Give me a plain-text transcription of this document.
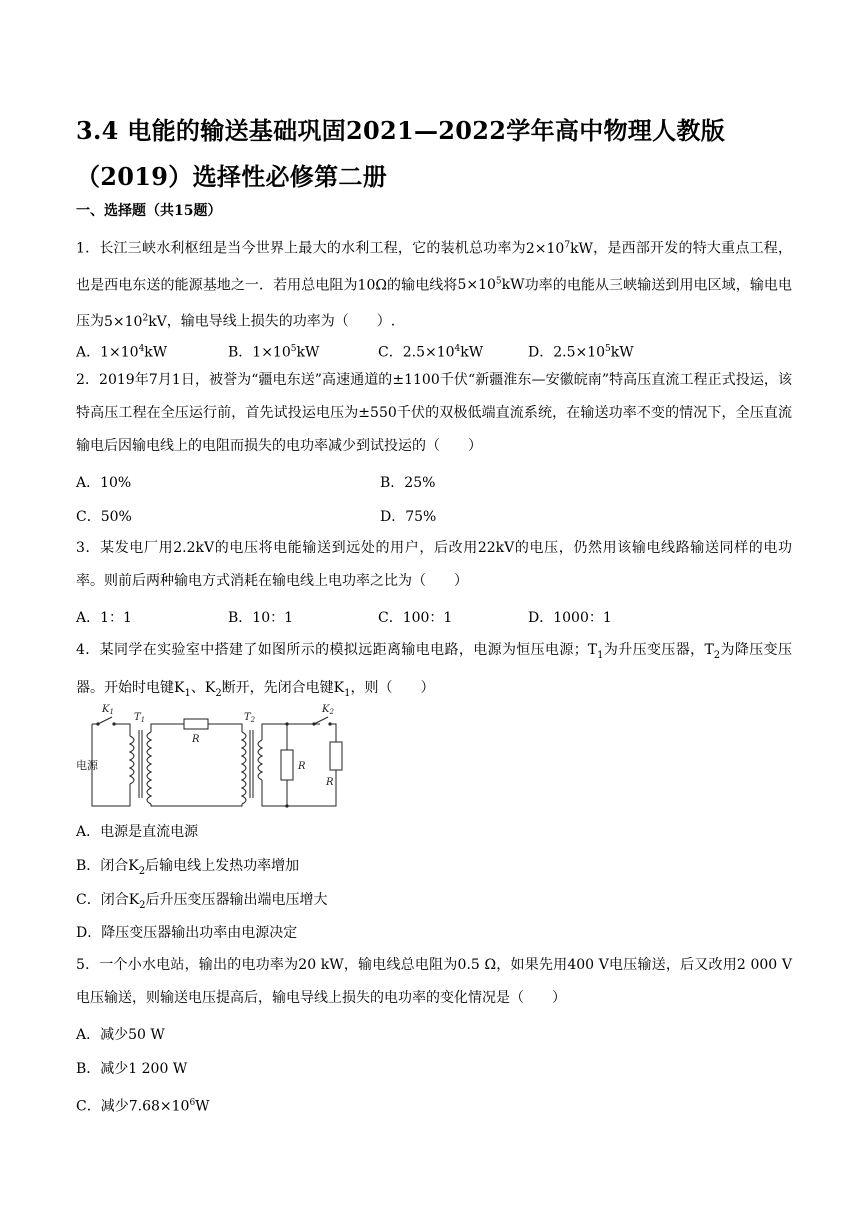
3.4 电能的输送基础巩固2021—2022学年高中物理人教版（2019）选择性必修第二册
一、选择题（共15题）
1．长江三峡水利枢纽是当今世界上最大的水利工程，它的装机总功率为$2\times 10^7kW$，是西部开发的特大重点工程，也是西电东送的能源基地之一．若用总电阻为10Ω的输电线将$5\times 10^5kW$功率的电能从三峡输送到用电区域，输电电压为$5\times 10^2kV$，输电导线上损失的功率为（　　）.
A．$1\times 10^4kW$	B．$1\times 10^5kW$	C．$2.5\times 10^4kW$	D．$2.5\times 10^5kW$
2．2019年7月1日，被誉为“疆电东送”高速通道的±1100千伏“新疆淮东—安徽皖南”特高压直流工程正式投运，该特高压工程在全压运行前，首先试投运电压为±550千伏的双极低端直流系统，在输送功率不变的情况下，全压直流输电后因输电线上的电阻而损失的电功率减少到试投运的（　　）
A．10%	B．25%
C．50%	D．75%
3．某发电厂用2.2kV的电压将电能输送到远处的用户，后改用22kV的电压，仍然用该输电线路输送同样的电功率。则前后两种输电方式消耗在输电线上电功率之比为（　　）
A．1：1	B．10：1	C．100：1	D．1000：1
4．某同学在实验室中搭建了如图所示的模拟远距离输电电路，电源为恒压电源；$T_1$为升压变压器，$T_2$为降压变压器。开始时电键$K_1$、$K_2$断开，先闭合电键$K_1$，则（　　）
$K_1$ $T_1$
R
$T_2$
$K_2$
R
R
电源
A．电源是直流电源
B．闭合$K_2$后输电线上发热功率增加
C．闭合$K_2$后升压变压器输出端电压增大
D．降压变压器输出功率由电源决定
5．一个小水电站，输出的电功率为20 kW，输电线总电阻为0.5 Ω，如果先用400 V电压输送，后又改用2 000 V电压输送，则输送电压提高后，输电导线上损失的电功率的变化情况是（　　）
A．减少50 W
B．减少1 200 W
C．减少$7.68\times 10^6W$
